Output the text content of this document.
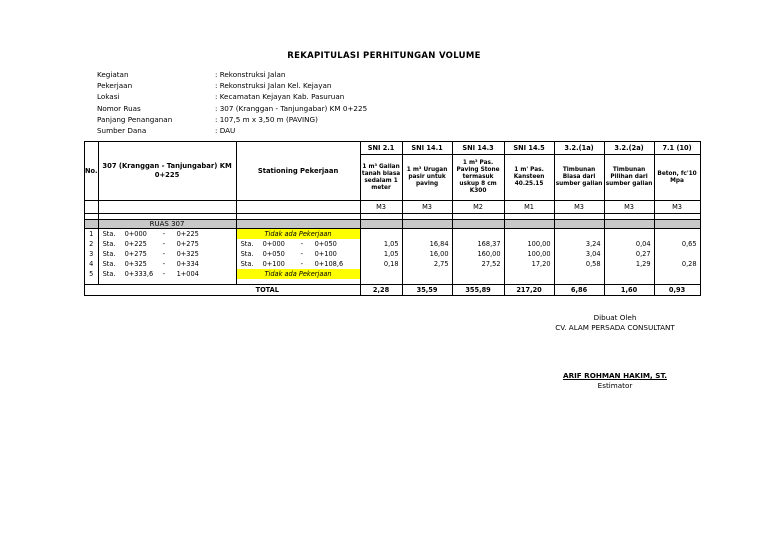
REKAPITULASI PERHITUNGAN VOLUME
Kegiatan	: Rekonstruksi Jalan
Pekerjaan	: Rekonstruksi Jalan Kel. Kejayan
Lokasi	: Kecamatan Kejayan Kab. Pasuruan
Nomor Ruas	: 307 (Kranggan - Tanjungabar) KM 0+225
Panjang Penanganan	: 107,5 m x 3,50 m (PAVING)
Sumber Dana	: DAU
No.	307 (Kranggan - Tanjungabar) KM 0+225	Stationing Pekerjaan	SNI 2.1	SNI 14.1	SNI 14.3	SNI 14.5	3.2.(1a)	3.2.(2a)	7.1 (10)
			1 m³ Galian tanah biasa sedalam 1 meter	1 m³ Urugan pasir untuk paving	1 m³ Pas. Paving Stone termasuk uskup 8 cm K300	1 m' Pas. Kansteen 40.25.15	Timbunan Biasa dari sumber galian	Timbunan Pilihan dari sumber galian	Beton, fc'10 Mpa
			M3	M3	M2	M1	M3	M3	M3

	RUAS 307								
1	Sta. 0+000 - 0+225	Tidak ada Pekerjaan							
2	Sta. 0+225 - 0+275	Sta. 0+000 - 0+050	1,05	16,84	168,37	100,00	3,24	0,04	0,65
3	Sta. 0+275 - 0+325	Sta. 0+050 - 0+100	1,05	16,00	160,00	100,00	3,04	0,27	
4	Sta. 0+325 - 0+334	Sta. 0+100 - 0+108,6	0,18	2,75	27,52	17,20	0,58	1,29	0,28
5	Sta. 0+333,6 - 1+004	Tidak ada Pekerjaan							

TOTAL			2,28	35,59	355,89	217,20	6,86	1,60	0,93
Dibuat Oleh
CV. ALAM PERSADA CONSULTANT
ARIF ROHMAN HAKIM, ST.
Estimator
